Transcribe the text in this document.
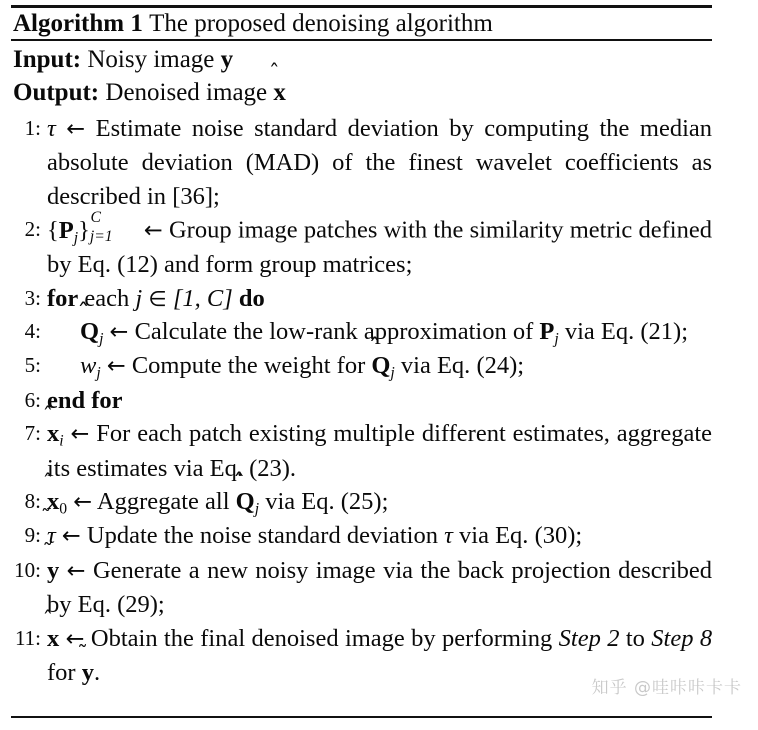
Algorithm 1 The proposed denoising algorithm
Input: Noisy image y
Output: Denoised image x
1: τ ← Estimate noise standard deviation by computing the median absolute deviation (MAD) of the finest wavelet coefficients as described in [36];
2: $\{P_j\}$ C
j=1 ← Group image patches with the similarity metric defined by Eq. (12) and form group matrices;
3: for each j ∈ [1, C] do
4:	$Q_j$ ← Calculate the low-rank approximation of $P_j$ via Eq. (21);
5:	$w_j$ ← Compute the weight for $Q_j$ via Eq. (24);
6: end for
7: $x_i$ ← For each patch existing multiple different estimates, aggregate its estimates via Eq. (23).
8: $x_0$ ← Aggregate all $Q_j$ via Eq. (25);
9: τ ← Update the noise standard deviation τ via Eq. (30);
10: y ← Generate a new noisy image via the back projection described by Eq. (29);
11: x ← Obtain the final denoised image by performing Step 2 to Step 8 for y.
知乎 @哇咔咔卡卡
